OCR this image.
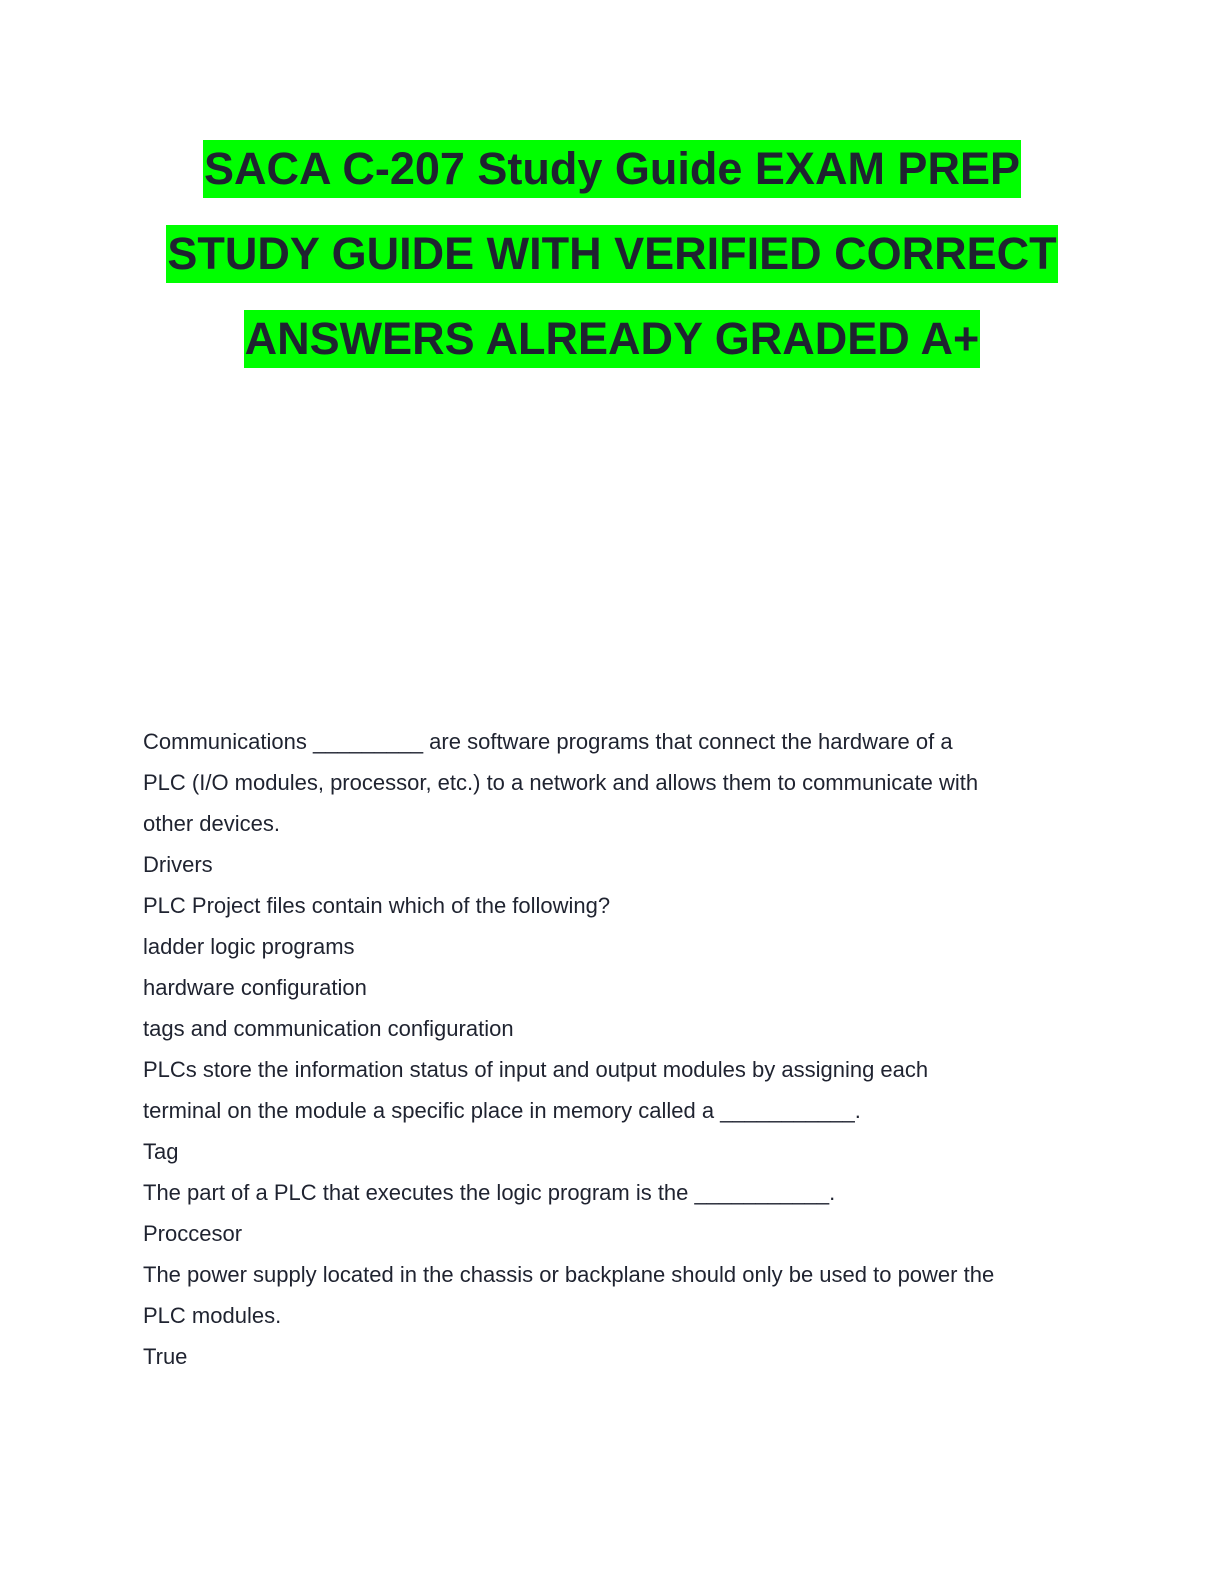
SACA C-207 Study Guide EXAM PREP
STUDY GUIDE WITH VERIFIED CORRECT
ANSWERS ALREADY GRADED A+
Communications _________ are software programs that connect the hardware of a
PLC (I/O modules, processor, etc.) to a network and allows them to communicate with
other devices.
Drivers
PLC Project files contain which of the following?
ladder logic programs
hardware configuration
tags and communication configuration
PLCs store the information status of input and output modules by assigning each
terminal on the module a specific place in memory called a ___________.
Tag
The part of a PLC that executes the logic program is the ___________.
Proccesor
The power supply located in the chassis or backplane should only be used to power the
PLC modules.
True
